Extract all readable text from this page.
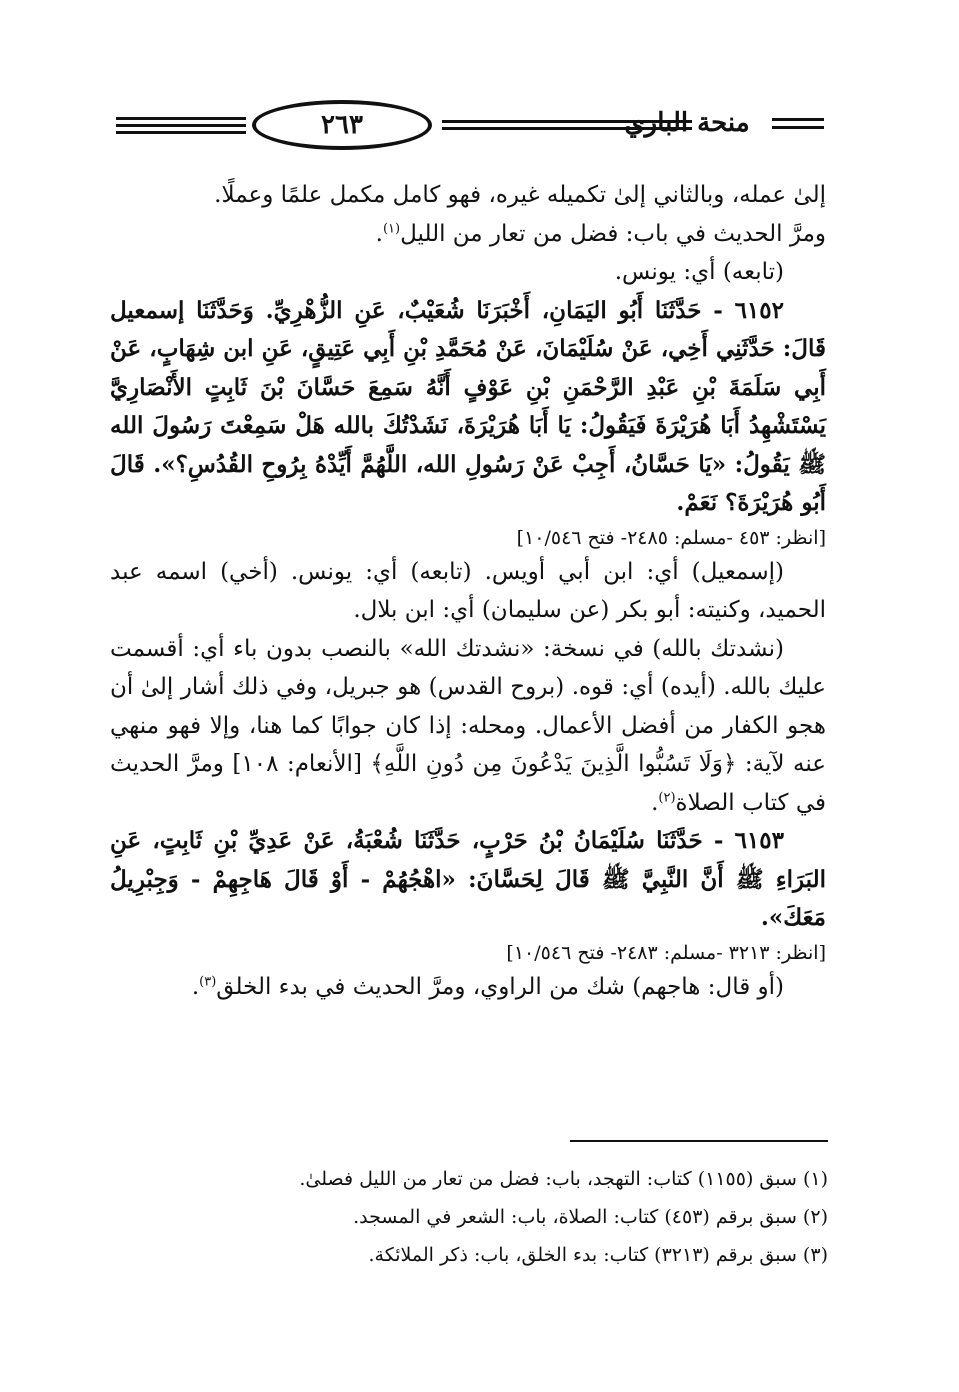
٢٦٣	منحة الباري

إلىٰ عمله، وبالثاني إلىٰ تكميله غيره، فهو كامل مكمل علمًا وعملًا.

ومرَّ الحديث في باب: فضل من تعار من الليل$^{(١)}$.

(تابعه) أي: يونس.

٦١٥٢ - حَدَّثَنَا أَبُو اليَمَانِ، أَخْبَرَنَا شُعَيْبٌ، عَنِ الزُّهْرِيِّ. وَحَدَّثَنَا إسمعيل قَالَ: حَدَّثَنِي أَخِي، عَنْ سُلَيْمَانَ، عَنْ مُحَمَّدِ بْنِ أَبِي عَتِيقٍ، عَنِ ابن شِهَابٍ، عَنْ أَبِي سَلَمَةَ بْنِ عَبْدِ الرَّحْمَنِ بْنِ عَوْفٍ أَنَّهُ سَمِعَ حَسَّانَ بْنَ ثَابِتٍ الأَنْصَارِيَّ يَسْتَشْهِدُ أَبَا هُرَيْرَةَ فَيَقُولُ: يَا أَبَا هُرَيْرَةَ، نَشَدْتُكَ بالله هَلْ سَمِعْتَ رَسُولَ الله ﷺ يَقُولُ: «يَا حَسَّانُ، أَجِبْ عَنْ رَسُولِ الله، اللَّهُمَّ أَيِّدْهُ بِرُوحِ القُدُسِ؟». قَالَ أَبُو هُرَيْرَةَ؟ نَعَمْ.

[انظر: ٤٥٣ -مسلم: ٢٤٨٥- فتح ١٠/٥٤٦]

(إسمعيل) أي: ابن أبي أويس. (تابعه) أي: يونس. (أخي) اسمه عبد الحميد، وكنيته: أبو بكر (عن سليمان) أي: ابن بلال.

(نشدتك بالله) في نسخة: «نشدتك الله» بالنصب بدون باء أي: أقسمت عليك بالله. (أيده) أي: قوه. (بروح القدس) هو جبريل، وفي ذلك أشار إلىٰ أن هجو الكفار من أفضل الأعمال. ومحله: إذا كان جوابًا كما هنا، وإلا فهو منهي عنه لآية: ﴿وَلَا تَسُبُّوا الَّذِينَ يَدْعُونَ مِن دُونِ اللَّهِ﴾ [الأنعام: ١٠٨] ومرَّ الحديث في كتاب الصلاة$^{(٢)}$.

٦١٥٣ - حَدَّثَنَا سُلَيْمَانُ بْنُ حَرْبٍ، حَدَّثَنَا شُعْبَةُ، عَنْ عَدِيِّ بْنِ ثَابِتٍ، عَنِ البَرَاءِ ﷺ أَنَّ النَّبِيَّ ﷺ قَالَ لِحَسَّانَ: «اهْجُهُمْ - أَوْ قَالَ هَاجِهِمْ - وَجِبْرِيلُ مَعَكَ».

[انظر: ٣٢١٣ -مسلم: ٢٤٨٣- فتح ١٠/٥٤٦]

(أو قال: هاجهم) شك من الراوي، ومرَّ الحديث في بدء الخلق$^{(٣)}$.

(١) سبق (١١٥٥) كتاب: التهجد، باب: فضل من تعار من الليل فصلىٰ.

(٢) سبق برقم (٤٥٣) كتاب: الصلاة، باب: الشعر في المسجد.

(٣) سبق برقم (٣٢١٣) كتاب: بدء الخلق، باب: ذكر الملائكة.
